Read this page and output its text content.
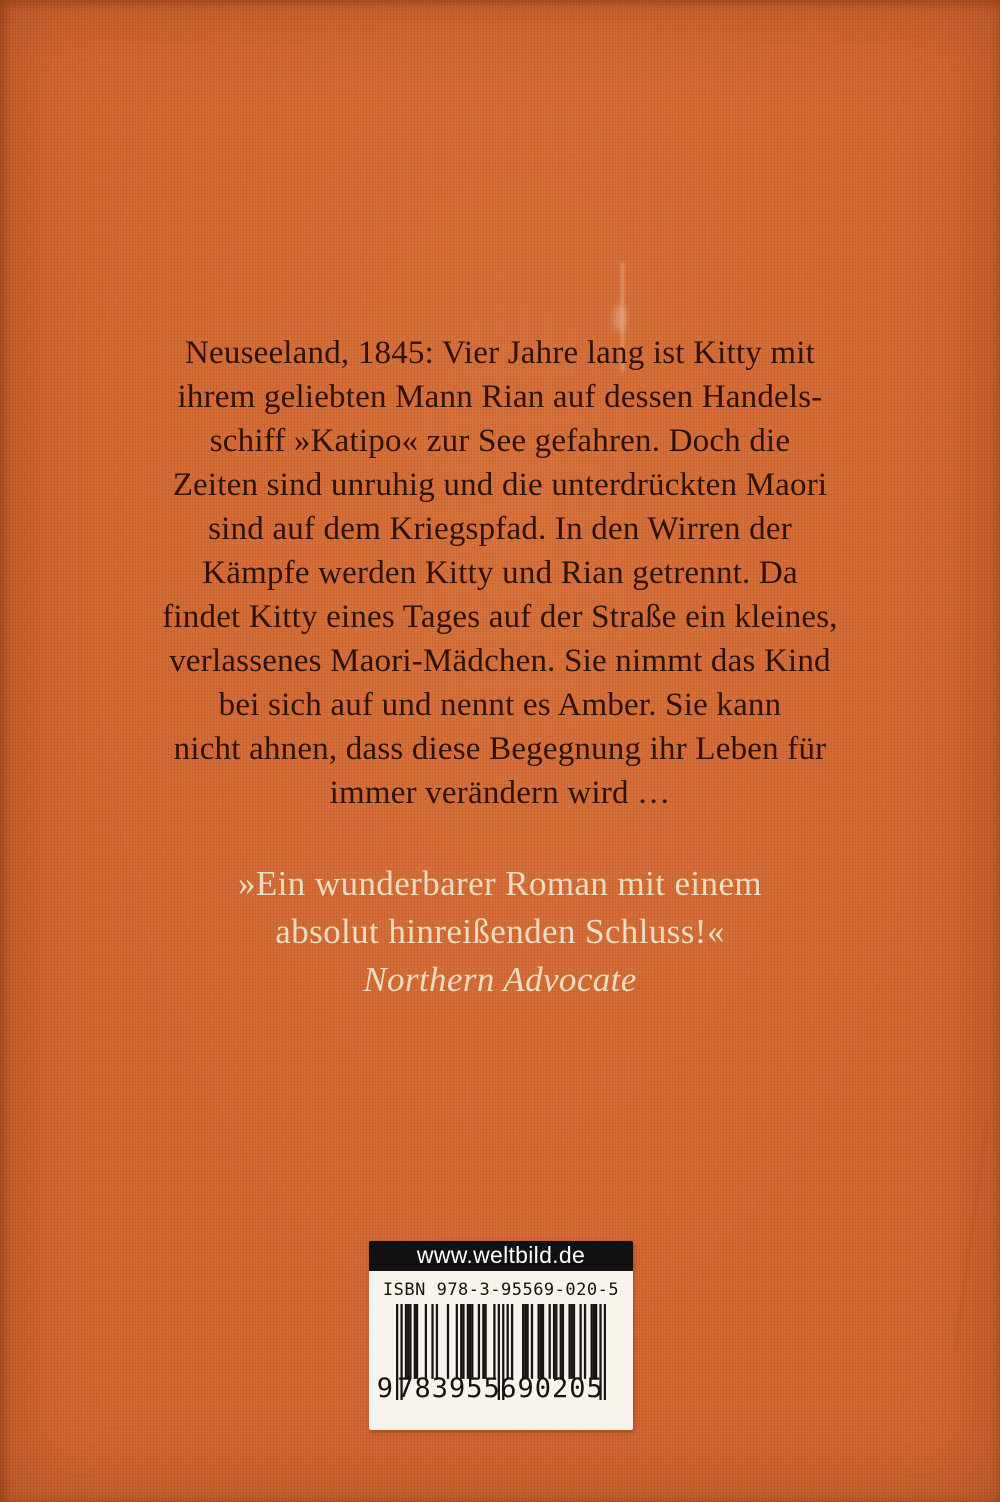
Neuseeland, 1845: Vier Jahre lang ist Kitty mit
ihrem geliebten Mann Rian auf dessen Handels-
schiff »Katipo« zur See gefahren. Doch die
Zeiten sind unruhig und die unterdrückten Maori
sind auf dem Kriegspfad. In den Wirren der
Kämpfe werden Kitty und Rian getrennt. Da
findet Kitty eines Tages auf der Straße ein kleines,
verlassenes Maori-Mädchen. Sie nimmt das Kind
bei sich auf und nennt es Amber. Sie kann
nicht ahnen, dass diese Begegnung ihr Leben für
immer verändern wird …
»Ein wunderbarer Roman mit einem
absolut hinreißenden Schluss!«
Northern Advocate
www.weltbild.de
ISBN 978-3-95569-020-5
9 783955 690205
